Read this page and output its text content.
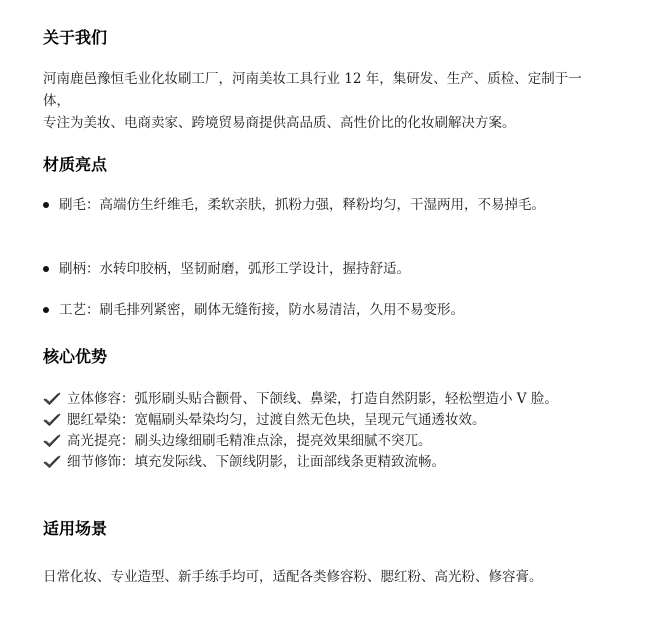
关于我们

河南鹿邑豫恒毛业化妆刷工厂，河南美妆工具行业 12 年，集研发、生产、质检、定制于一体，

专注为美妆、电商卖家、跨境贸易商提供高品质、高性价比的化妆刷解决方案。

材质亮点
刷毛：高端仿生纤维毛，柔软亲肤，抓粉力强，释粉均匀，干湿两用，不易掉毛。
刷柄：水转印胶柄，坚韧耐磨，弧形工学设计，握持舒适。
工艺：刷毛排列紧密，刷体无缝衔接，防水易清洁，久用不易变形。
核心优势
立体修容：弧形刷头贴合颧骨、下颌线、鼻梁，打造自然阴影，轻松塑造小 V 脸。
腮红晕染：宽幅刷头晕染均匀，过渡自然无色块，呈现元气通透妆效。
高光提亮：刷头边缘细刷毛精准点涂，提亮效果细腻不突兀。
细节修饰：填充发际线、下颌线阴影，让面部线条更精致流畅。
适用场景

日常化妆、专业造型、新手练手均可，适配各类修容粉、腮红粉、高光粉、修容膏。
